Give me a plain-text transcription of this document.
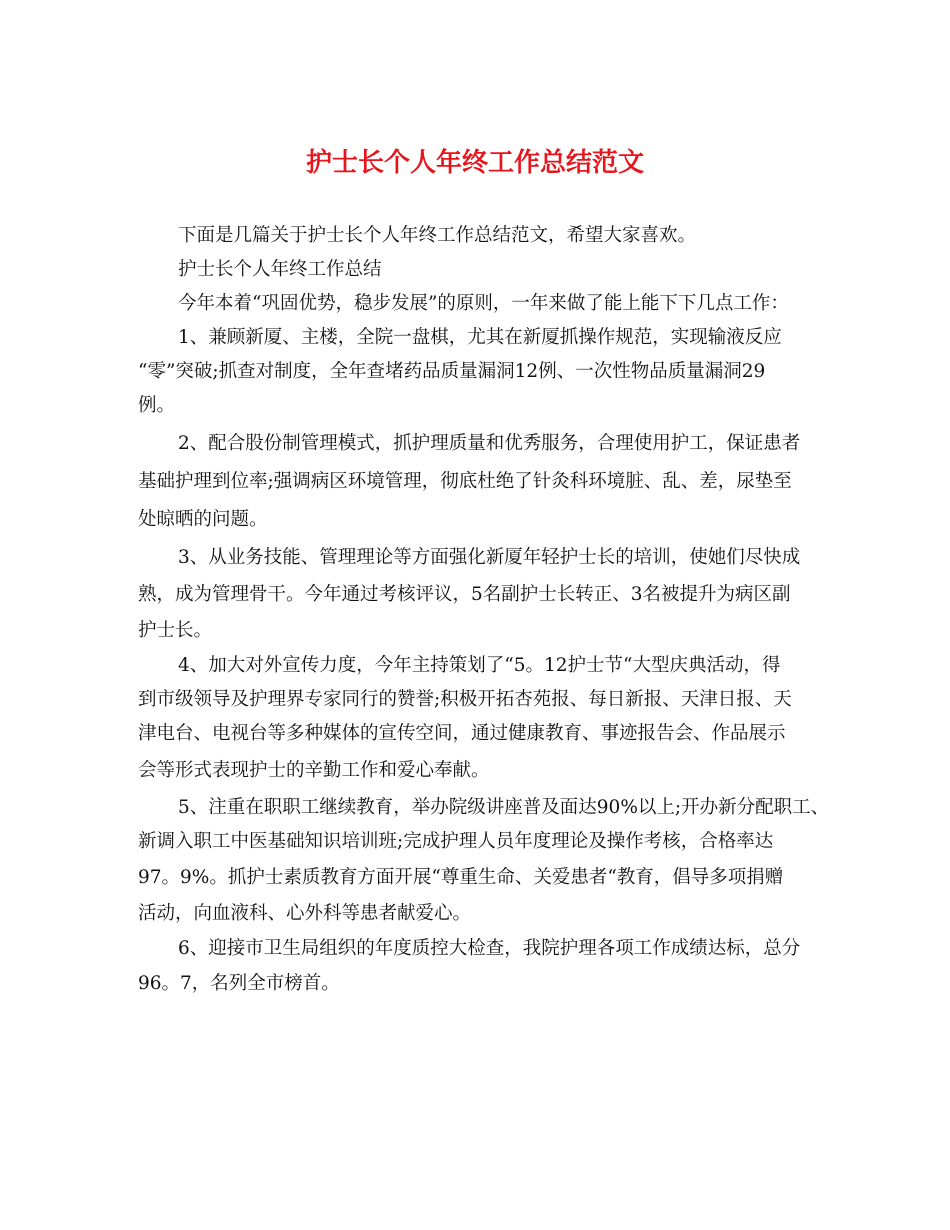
护士长个人年终工作总结范文

下面是几篇关于护士长个人年终工作总结范文，希望大家喜欢。

护士长个人年终工作总结

今年本着“巩固优势，稳步发展”的原则，一年来做了能上能下下几点工作：

1、兼顾新厦、主楼，全院一盘棋，尤其在新厦抓操作规范，实现输液反应

“零”突破;抓查对制度，全年查堵药品质量漏洞12例、一次性物品质量漏洞29

例。

2、配合股份制管理模式，抓护理质量和优秀服务，合理使用护工，保证患者

基础护理到位率;强调病区环境管理，彻底杜绝了针灸科环境脏、乱、差，尿垫至

处晾晒的问题。

3、从业务技能、管理理论等方面强化新厦年轻护士长的培训，使她们尽快成

熟，成为管理骨干。今年通过考核评议，5名副护士长转正、3名被提升为病区副

护士长。

4、加大对外宣传力度，今年主持策划了“5。12护士节“大型庆典活动，得

到市级领导及护理界专家同行的赞誉;积极开拓杏苑报、每日新报、天津日报、天

津电台、电视台等多种媒体的宣传空间，通过健康教育、事迹报告会、作品展示

会等形式表现护士的辛勤工作和爱心奉献。

5、注重在职职工继续教育，举办院级讲座普及面达90%以上;开办新分配职工、

新调入职工中医基础知识培训班;完成护理人员年度理论及操作考核，合格率达

97。9%。抓护士素质教育方面开展“尊重生命、关爱患者“教育，倡导多项捐赠

活动，向血液科、心外科等患者献爱心。

6、迎接市卫生局组织的年度质控大检查，我院护理各项工作成绩达标，总分

96。7，名列全市榜首。
